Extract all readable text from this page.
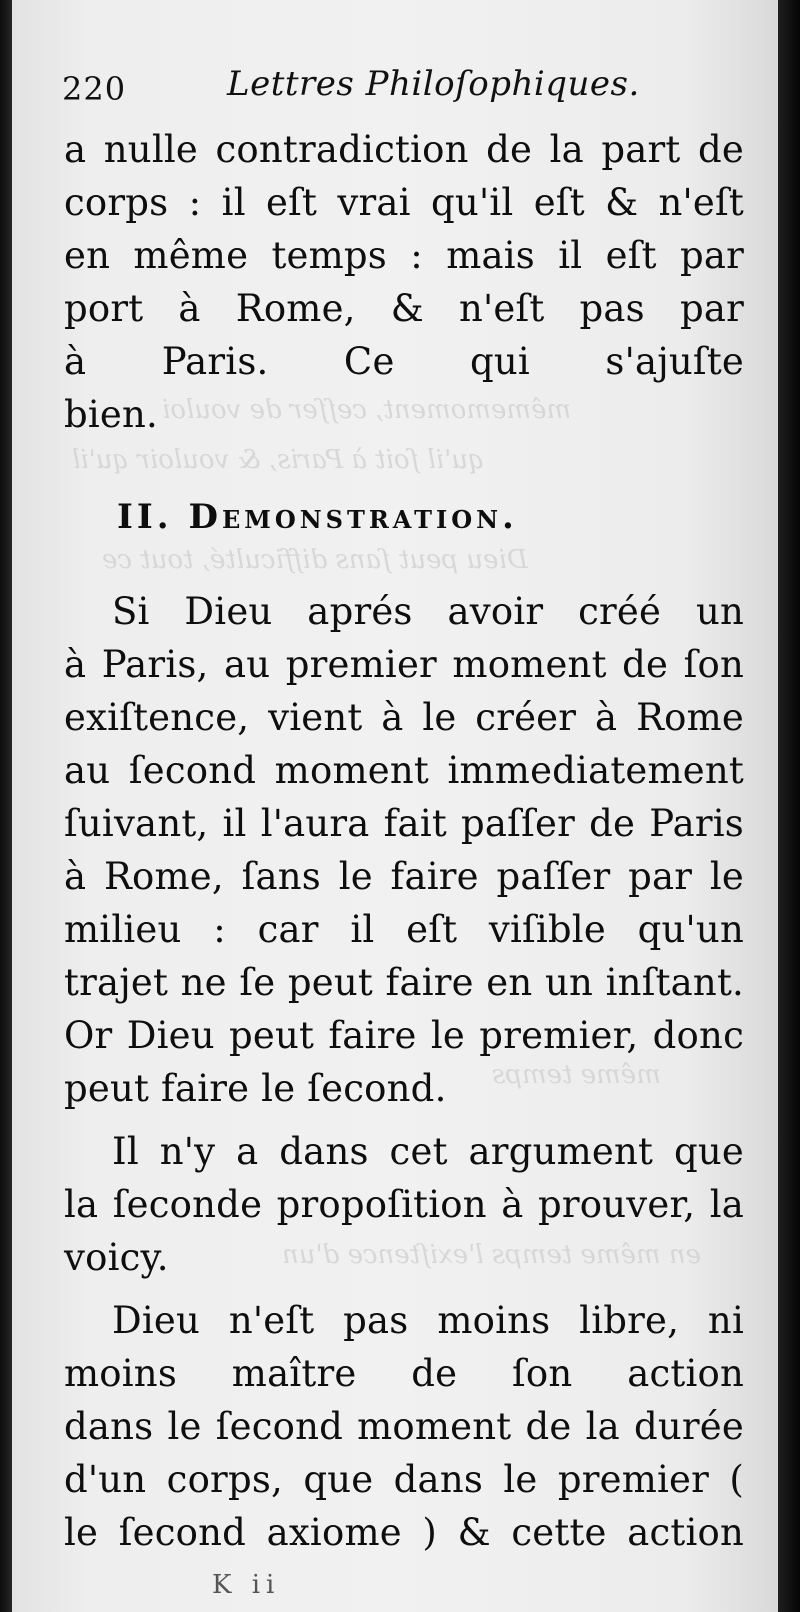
mêmemoment, ceſſer de vouloi
qu'il ſoit à Paris, & vouloir qu'il
Dieu peut ſans difficulté, tout ce
même temps
en même temps l'exiſtence d'un
220	Lettres Philoſophiques.
a nulle contradiction de la part de
corps : il eſt vrai qu'il eſt & n'eſt
en même temps : mais il eſt par
port à Rome, & n'eſt pas par
à Paris. Ce qui s'ajuſte
bien.
II. Demonstration.
Si Dieu aprés avoir créé un
à Paris, au premier moment de ſon
exiſtence, vient à le créer à Rome
au ſecond moment immediatement
ſuivant, il l'aura fait paſſer de Paris
à Rome, ſans le faire paſſer par le
milieu : car il eſt viſible qu'un
trajet ne ſe peut faire en un inſtant.
Or Dieu peut faire le premier, donc
peut faire le ſecond.
Il n'y a dans cet argument que
la ſeconde propoſition à prouver, la
voicy.
Dieu n'eſt pas moins libre, ni
moins maître de ſon action
dans le ſecond moment de la durée
d'un corps, que dans le premier (
le ſecond axiome ) & cette action
K ii
